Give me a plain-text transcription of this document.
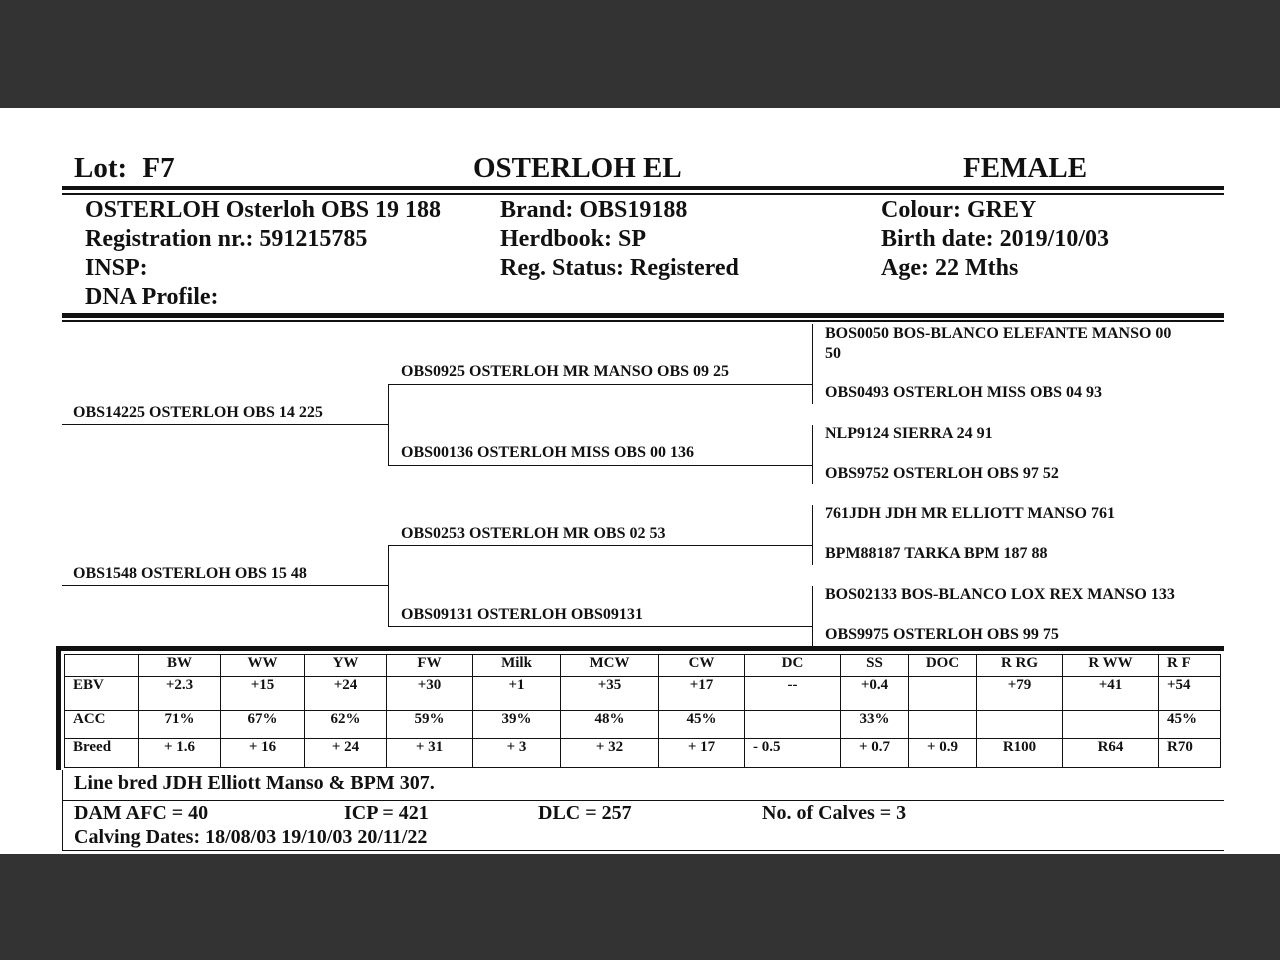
Lot: F7	OSTERLOH EL	FEMALE
OSTERLOH Osterloh OBS 19 188
Registration nr.: 591215785
INSP:
DNA Profile:
Brand: OBS19188
Herdbook: SP
Reg. Status: Registered
Colour: GREY
Birth date: 2019/10/03
Age: 22 Mths
OBS14225 OSTERLOH OBS 14 225
OBS1548 OSTERLOH OBS 15 48
OBS0925 OSTERLOH MR MANSO OBS 09 25
OBS00136 OSTERLOH MISS OBS 00 136
OBS0253 OSTERLOH MR OBS 02 53
OBS09131 OSTERLOH OBS09131
BOS0050 BOS-BLANCO ELEFANTE MANSO 00
50
OBS0493 OSTERLOH MISS OBS 04 93
NLP9124 SIERRA 24 91
OBS9752 OSTERLOH OBS 97 52
761JDH JDH MR ELLIOTT MANSO 761
BPM88187 TARKA BPM 187 88
BOS02133 BOS-BLANCO LOX REX MANSO 133
OBS9975 OSTERLOH OBS 99 75
	BW	WW	YW	FW	Milk	MCW	CW	DC	SS	DOC	R RG	R WW	R F
EBV	+2.3	+15	+24	+30	+1	+35	+17	--	+0.4		+79	+41	+54
ACC	71%	67%	62%	59%	39%	48%	45%		33%				45%
Breed	+ 1.6	+ 16	+ 24	+ 31	+ 3	+ 32	+ 17	- 0.5	+ 0.7	+ 0.9	R100	R64	R70
Line bred JDH Elliott Manso & BPM 307.
DAM AFC = 40	ICP = 421	DLC = 257	No. of Calves = 3
Calving Dates: 18/08/03 19/10/03 20/11/22
